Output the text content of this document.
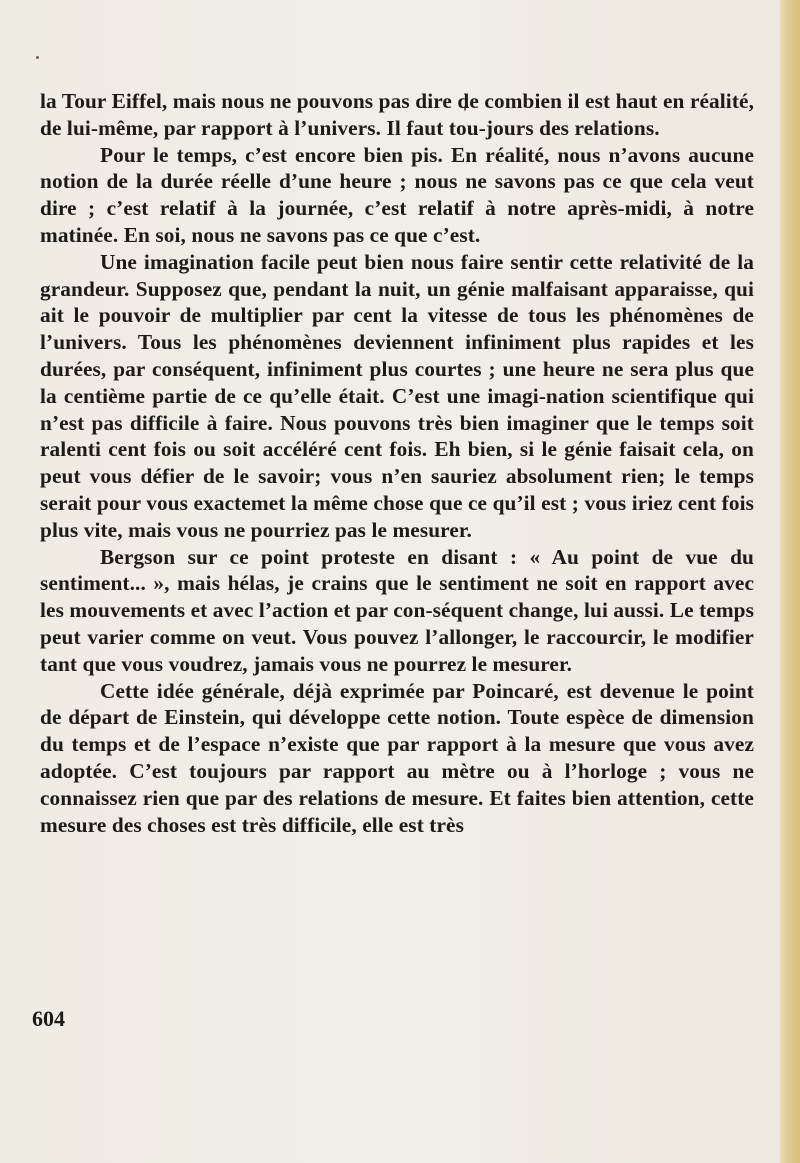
la Tour Eiffel, mais nous ne pouvons pas dire de combien il est haut en réalité, de lui-même, par rapport à l’univers. Il faut tou-jours des relations.

Pour le temps, c’est encore bien pis. En réalité, nous n’avons aucune notion de la durée réelle d’une heure ; nous ne savons pas ce que cela veut dire ; c’est relatif à la journée, c’est relatif à notre après-midi, à notre matinée. En soi, nous ne savons pas ce que c’est.

Une imagination facile peut bien nous faire sentir cette relativité de la grandeur. Supposez que, pendant la nuit, un génie malfaisant apparaisse, qui ait le pouvoir de multiplier par cent la vitesse de tous les phénomènes de l’univers. Tous les phénomènes deviennent infiniment plus rapides et les durées, par conséquent, infiniment plus courtes ; une heure ne sera plus que la centième partie de ce qu’elle était. C’est une imagi-nation scientifique qui n’est pas difficile à faire. Nous pouvons très bien imaginer que le temps soit ralenti cent fois ou soit accéléré cent fois. Eh bien, si le génie faisait cela, on peut vous défier de le savoir; vous n’en sauriez absolument rien; le temps serait pour vous exactemet la même chose que ce qu’il est ; vous iriez cent fois plus vite, mais vous ne pourriez pas le mesurer.

Bergson sur ce point proteste en disant : « Au point de vue du sentiment... », mais hélas, je crains que le sentiment ne soit en rapport avec les mouvements et avec l’action et par con-séquent change, lui aussi. Le temps peut varier comme on veut. Vous pouvez l’allonger, le raccourcir, le modifier tant que vous voudrez, jamais vous ne pourrez le mesurer.

Cette idée générale, déjà exprimée par Poincaré, est devenue le point de départ de Einstein, qui développe cette notion. Toute espèce de dimension du temps et de l’espace n’existe que par rapport à la mesure que vous avez adoptée. C’est toujours par rapport au mètre ou à l’horloge ; vous ne connaissez rien que par des relations de mesure. Et faites bien attention, cette mesure des choses est très difficile, elle est très

604
